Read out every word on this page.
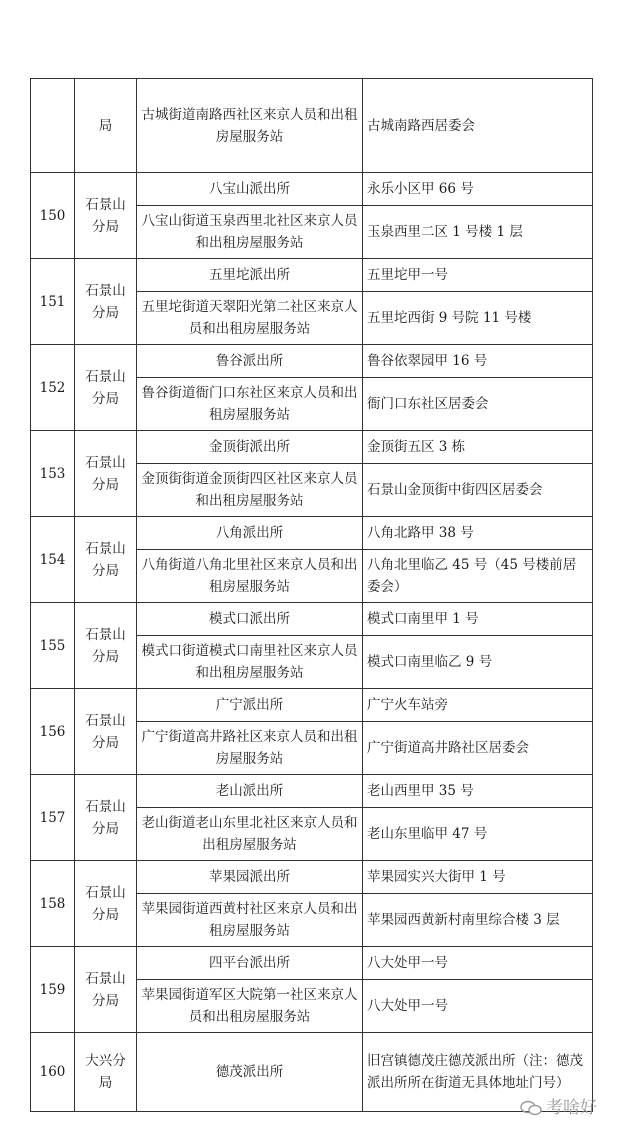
	局	古城街道南路西社区来京人员和出租房屋服务站	古城南路西居委会
150	石景山分局	八宝山派出所	永乐小区甲 66 号
		八宝山街道玉泉西里北社区来京人员和出租房屋服务站	玉泉西里二区 1 号楼 1 层
151	石景山分局	五里坨派出所	五里坨甲一号
		五里坨街道天翠阳光第二社区来京人员和出租房屋服务站	五里坨西街 9 号院 11 号楼
152	石景山分局	鲁谷派出所	鲁谷依翠园甲 16 号
		鲁谷街道衙门口东社区来京人员和出租房屋服务站	衙门口东社区居委会
153	石景山分局	金顶街派出所	金顶街五区 3 栋
		金顶街街道金顶街四区社区来京人员和出租房屋服务站	石景山金顶街中街四区居委会
154	石景山分局	八角派出所	八角北路甲 38 号
		八角街道八角北里社区来京人员和出租房屋服务站	八角北里临乙 45 号（45 号楼前居委会）
155	石景山分局	模式口派出所	模式口南里甲 1 号
		模式口街道模式口南里社区来京人员和出租房屋服务站	模式口南里临乙 9 号
156	石景山分局	广宁派出所	广宁火车站旁
		广宁街道高井路社区来京人员和出租房屋服务站	广宁街道高井路社区居委会
157	石景山分局	老山派出所	老山西里甲 35 号
		老山街道老山东里北社区来京人员和出租房屋服务站	老山东里临甲 47 号
158	石景山分局	苹果园派出所	苹果园实兴大街甲 1 号
		苹果园街道西黄村社区来京人员和出租房屋服务站	苹果园西黄新村南里综合楼 3 层
159	石景山分局	四平台派出所	八大处甲一号
		苹果园街道军区大院第一社区来京人员和出租房屋服务站	八大处甲一号
160	大兴分局	德茂派出所	旧宫镇德茂庄德茂派出所（注：德茂派出所所在街道无具体地址门号）
考啥好
